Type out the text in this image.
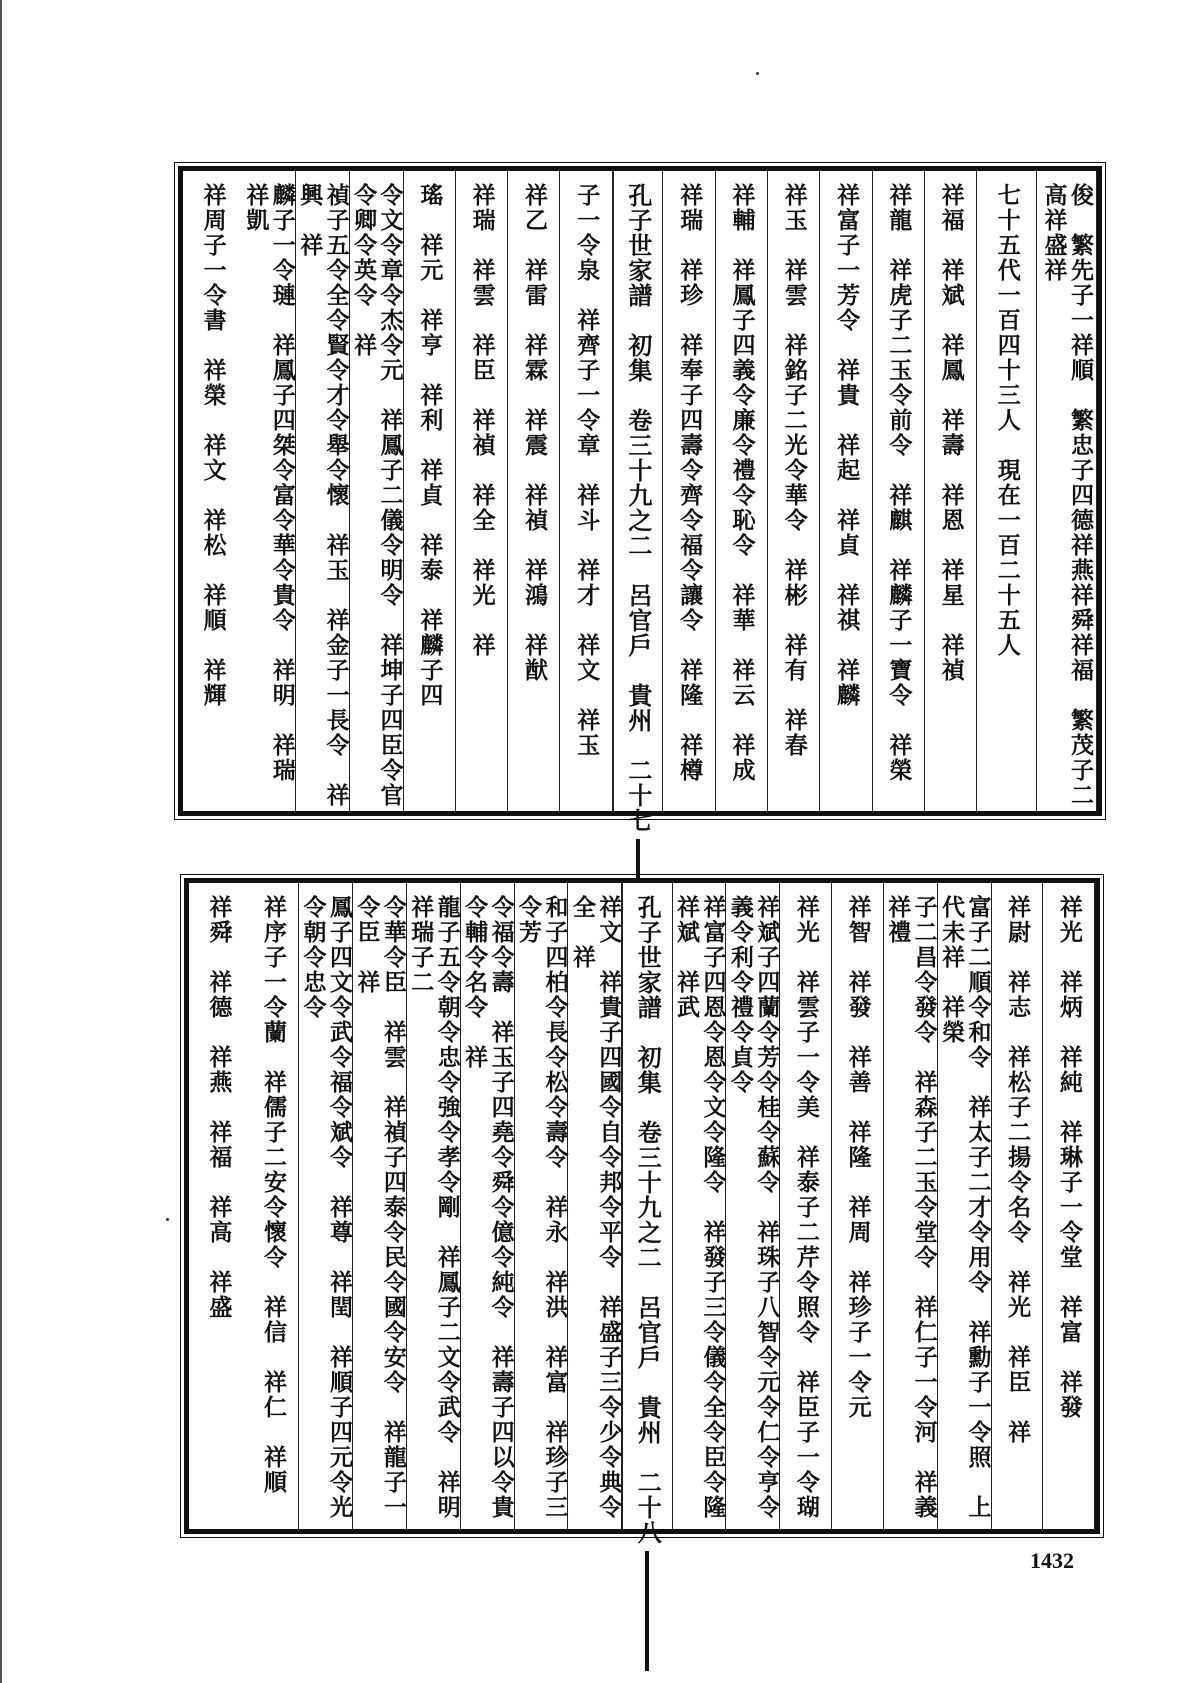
俊　繁先子一祥順　繁忠子四德祥燕祥舜祥福　繁茂子二高祥盛祥
七十五代一百四十三人　現在一百二十五人
祥福　祥斌　祥鳳　祥壽　祥恩　祥星　祥禎
祥龍　祥虎子二玉令前令　祥麒　祥麟子一寶令　祥榮
祥富子一芳令　祥貴　祥起　祥貞　祥祺　祥麟
祥玉　祥雲　祥銘子二光令華令　祥彬　祥有　祥春
祥輔　祥鳳子四義令廉令禮令恥令　祥華　祥云　祥成
祥瑞　祥珍　祥奉子四壽令齊令福令讓令　祥隆　祥樽
孔子世家譜　初集　卷三十九之二　呂官戶　貴州　二十七
子一令泉　祥齊子一令章　祥斗　祥才　祥文　祥玉
祥乙　祥雷　祥霖　祥震　祥禎　祥鴻　祥猷
祥瑞　祥雲　祥臣　祥禎　祥全　祥光　祥
瑤　祥元　祥亨　祥利　祥貞　祥泰　祥麟子四
令文令章令杰令元　祥鳳子二儀令明令　祥坤子四臣令官令卿令英令　祥
禎子五令全令賢令才令舉令懷　祥玉　祥金子一長令　祥興　祥
麟子一令璉　祥鳳子四桀令富令華令貴令　祥明　祥瑞　祥凱
祥周子一令書　祥榮　祥文　祥松　祥順　祥輝
祥光　祥炳　祥純　祥琳子一令堂　祥富　祥發
祥尉　祥志　祥松子二揚令名令　祥光　祥臣　祥
富子二順令和令　祥太子二才令用令　祥勳子一令照　上代未祥　祥榮
子二昌令發令　祥森子二玉令堂令　祥仁子一令河　祥義　祥禮
祥智　祥發　祥善　祥隆　祥周　祥珍子一令元
祥光　祥雲子一令美　祥泰子二芹令照令　祥臣子一令瑚
祥斌子四蘭令芳令桂令蘇令　祥珠子八智令元令仁令亨令義令利令禮令貞令
祥富子四恩令恩令文令隆令　祥發子三令儀令全令臣令隆　祥斌　祥武
孔子世家譜　初集　卷三十九之二　呂官戶　貴州　二十八
祥文　祥貴子四國令自令邦令平令　祥盛子三令少令典令全　祥
和子四柏令長令松令壽令　祥永　祥洪　祥富　祥珍子三令芳
令福令壽　祥玉子四堯令舜令億令純令　祥壽子四以令貴令輔令名令　祥
龍子五令朝令忠令強令孝令剛　祥鳳子二文令武令　祥明　祥瑞子二
令華令臣　祥雲　祥禎子四泰令民令國令安令　祥龍子一令臣　祥
鳳子四文令武令福令斌令　祥尊　祥閏　祥順子四元令光令朝令忠令
祥序子一令蘭　祥儒子二安令懷令　祥信　祥仁　祥順
祥舜　祥德　祥燕　祥福　祥高　祥盛
1432
